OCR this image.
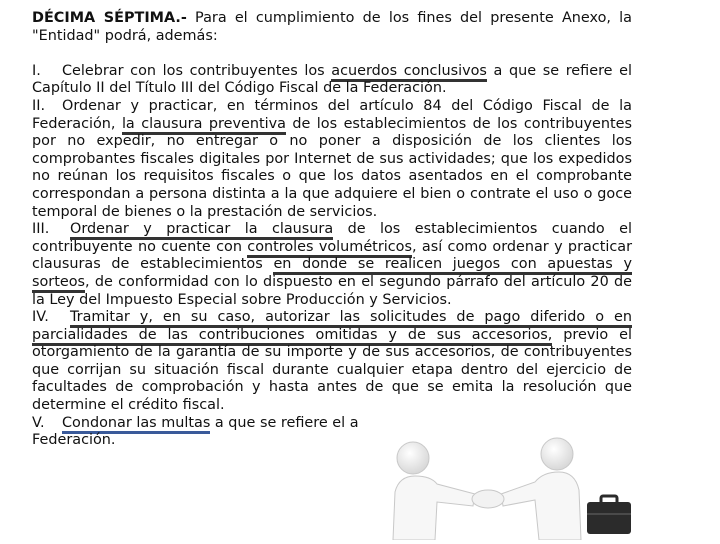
DÉCIMA SÉPTIMA.- Para el cumplimiento de los fines del presente Anexo, la "Entidad" podrá, además:

I. Celebrar con los contribuyentes los acuerdos conclusivos a que se refiere el Capítulo II del Título III del Código Fiscal de la Federación.

II. Ordenar y practicar, en términos del artículo 84 del Código Fiscal de la Federación, la clausura preventiva de los establecimientos de los contribuyentes por no expedir, no entregar o no poner a disposición de los clientes los comprobantes fiscales digitales por Internet de sus actividades; que los expedidos no reúnan los requisitos fiscales o que los datos asentados en el comprobante correspondan a persona distinta a la que adquiere el bien o contrate el uso o goce temporal de bienes o la prestación de servicios.

III. Ordenar y practicar la clausura de los establecimientos cuando el contribuyente no cuente con controles volumétricos, así como ordenar y practicar clausuras de establecimientos en donde se realicen juegos con apuestas y sorteos, de conformidad con lo dispuesto en el segundo párrafo del artículo 20 de la Ley del Impuesto Especial sobre Producción y Servicios.

IV. Tramitar y, en su caso, autorizar las solicitudes de pago diferido o en parcialidades de las contribuciones omitidas y de sus accesorios, previo el otorgamiento de la garantía de su importe y de sus accesorios, de contribuyentes que corrijan su situación fiscal durante cualquier etapa dentro del ejercicio de facultades de comprobación y hasta antes de que se emita la resolución que determine el crédito fiscal.

V. Condonar las multas a que se refiere el a
Federación.
